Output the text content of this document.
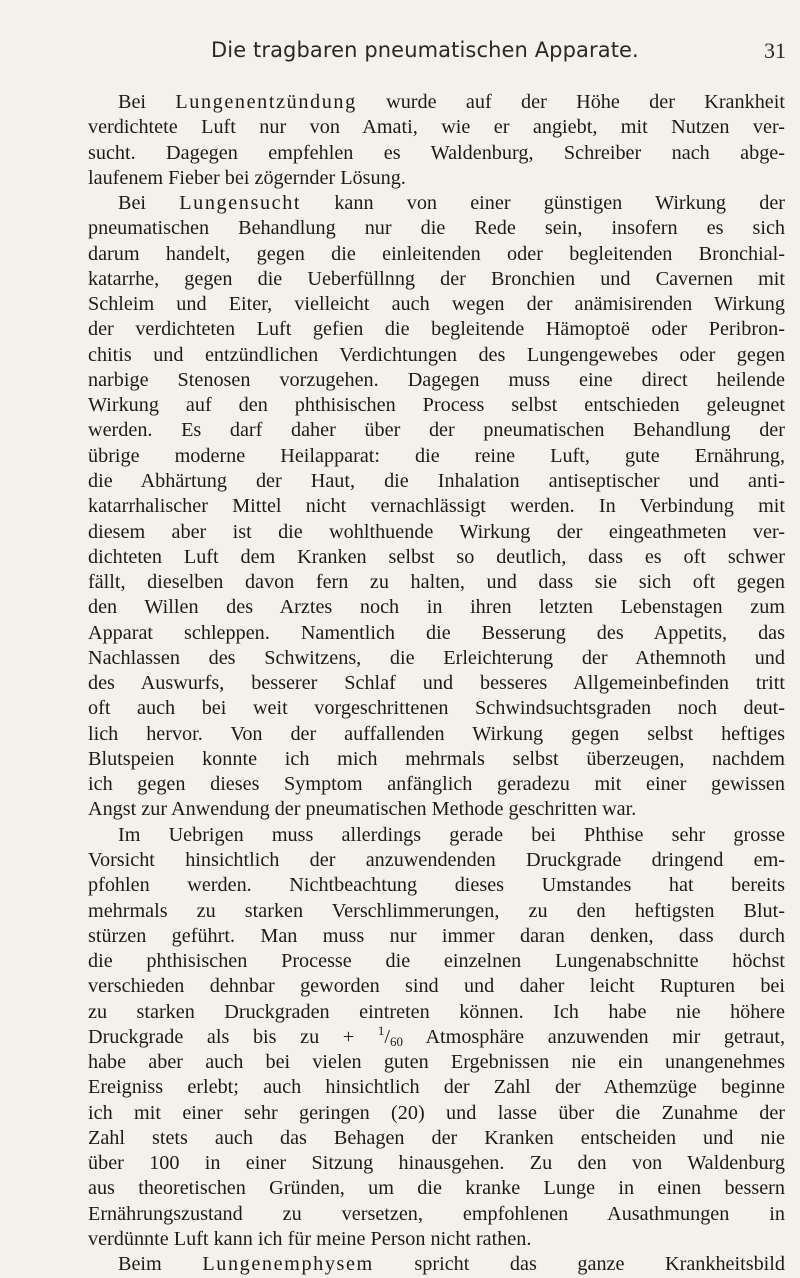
Die tragbaren pneumatischen Apparate.	31
Bei Lungenentzündung wurde auf der Höhe der Krankheit
verdichtete Luft nur von Amati, wie er angiebt, mit Nutzen ver-
sucht. Dagegen empfehlen es Waldenburg, Schreiber nach abge-
laufenem Fieber bei zögernder Lösung.
Bei Lungensucht kann von einer günstigen Wirkung der
pneumatischen Behandlung nur die Rede sein, insofern es sich
darum handelt, gegen die einleitenden oder begleitenden Bronchial-
katarrhe, gegen die Ueberfüllnng der Bronchien und Cavernen mit
Schleim und Eiter, vielleicht auch wegen der anämisirenden Wirkung
der verdichteten Luft gefien die begleitende Hämoptoë oder Peribron-
chitis und entzündlichen Verdichtungen des Lungengewebes oder gegen
narbige Stenosen vorzugehen. Dagegen muss eine direct heilende
Wirkung auf den phthisischen Process selbst entschieden geleugnet
werden. Es darf daher über der pneumatischen Behandlung der
übrige moderne Heilapparat: die reine Luft, gute Ernährung,
die Abhärtung der Haut, die Inhalation antiseptischer und anti-
katarrhalischer Mittel nicht vernachlässigt werden. In Verbindung mit
diesem aber ist die wohlthuende Wirkung der eingeathmeten ver-
dichteten Luft dem Kranken selbst so deutlich, dass es oft schwer
fällt, dieselben davon fern zu halten, und dass sie sich oft gegen
den Willen des Arztes noch in ihren letzten Lebenstagen zum
Apparat schleppen. Namentlich die Besserung des Appetits, das
Nachlassen des Schwitzens, die Erleichterung der Athemnoth und
des Auswurfs, besserer Schlaf und besseres Allgemeinbefinden tritt
oft auch bei weit vorgeschrittenen Schwindsuchtsgraden noch deut-
lich hervor. Von der auffallenden Wirkung gegen selbst heftiges
Blutspeien konnte ich mich mehrmals selbst überzeugen, nachdem
ich gegen dieses Symptom anfänglich geradezu mit einer gewissen
Angst zur Anwendung der pneumatischen Methode geschritten war.
Im Uebrigen muss allerdings gerade bei Phthise sehr grosse
Vorsicht hinsichtlich der anzuwendenden Druckgrade dringend em-
pfohlen werden. Nichtbeachtung dieses Umstandes hat bereits
mehrmals zu starken Verschlimmerungen, zu den heftigsten Blut-
stürzen geführt. Man muss nur immer daran denken, dass durch
die phthisischen Processe die einzelnen Lungenabschnitte höchst
verschieden dehnbar geworden sind und daher leicht Rupturen bei
zu starken Druckgraden eintreten können. Ich habe nie höhere
Druckgrade als bis zu + $^1/_{60}$ Atmosphäre anzuwenden mir getraut,
habe aber auch bei vielen guten Ergebnissen nie ein unangenehmes
Ereigniss erlebt; auch hinsichtlich der Zahl der Athemzüge beginne
ich mit einer sehr geringen (20) und lasse über die Zunahme der
Zahl stets auch das Behagen der Kranken entscheiden und nie
über 100 in einer Sitzung hinausgehen. Zu den von Waldenburg
aus theoretischen Gründen, um die kranke Lunge in einen bessern
Ernährungszustand zu versetzen, empfohlenen Ausathmungen in
verdünnte Luft kann ich für meine Person nicht rathen.
Beim Lungenemphysem spricht das ganze Krankheitsbild
